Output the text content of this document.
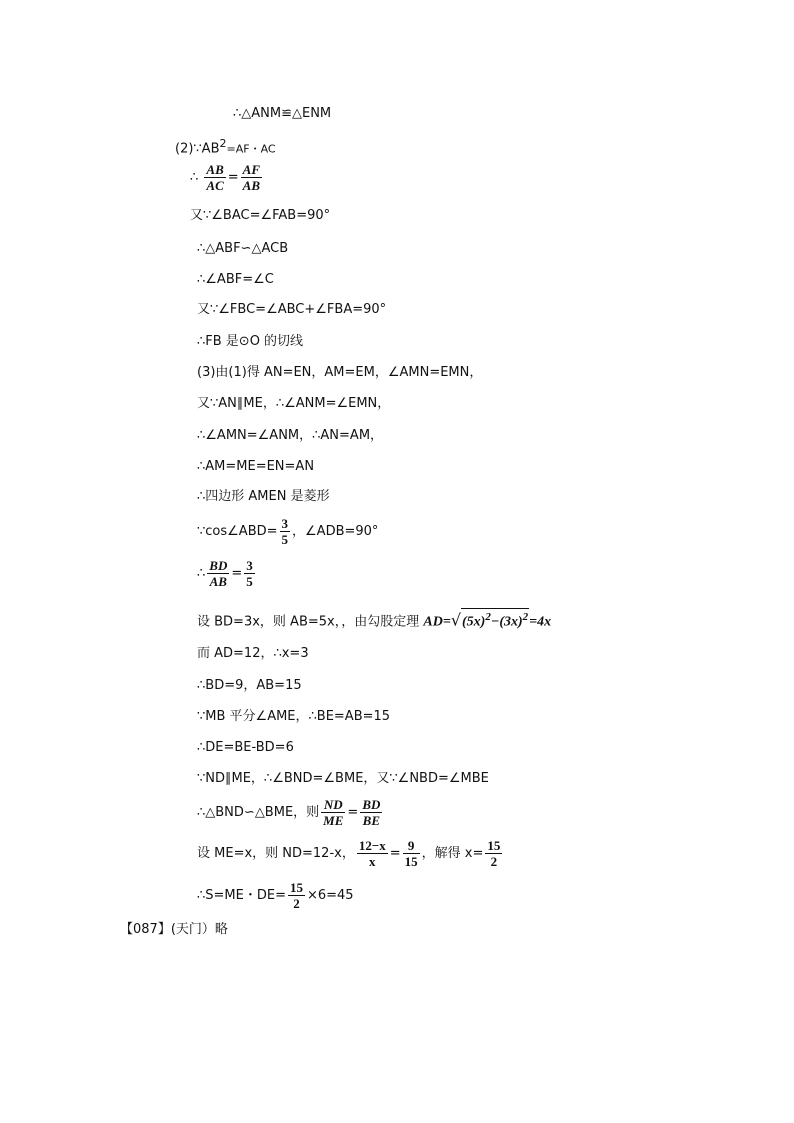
∴△ANM≌△ENM
$(2)\because AB^2=AF$・AC
∴ $\frac{AB}{AC} = \frac{AF}{AB}$
又∵∠BAC=∠FAB=90°
∴△ABF∽△ACB
∴∠ABF=∠C
又∵∠FBC=∠ABC+∠FBA=90°
∴FB 是⊙O 的切线
(3)由(1)得 AN=EN，AM=EM，∠AMN=EMN，
又∵AN∥ME，∴∠ANM=∠EMN，
∴∠AMN=∠ANM，∴AN=AM，
∴AM=ME=EN=AN
∴四边形 AMEN 是菱形
∵cos∠ABD= $\frac{3}{5}$ ，∠ADB=90°
∴ $\frac{BD}{AB} = \frac{3}{5}$
设 BD=3x，则 AB=5x，，由勾股定理 $AD=√(5x)^2-(3x)^2=4x$
而 AD=12，∴x=3
∴BD=9，AB=15
∵MB 平分∠AME，∴BE=AB=15
∴DE=BE-BD=6
∵ND∥ME，∴∠BND=∠BME，又∵∠NBD=∠MBE
∴△BND∽△BME，则 $\frac{ND}{ME} = \frac{BD}{BE}$
设 ME=x，则 ND=12-x， $\frac{12-x}{x} = \frac{9}{15}$ ，解得 $x= \frac{15}{2}$
∴S=ME・$DE= \frac{15}{2} \times 6=45$
【087】(天门）略
